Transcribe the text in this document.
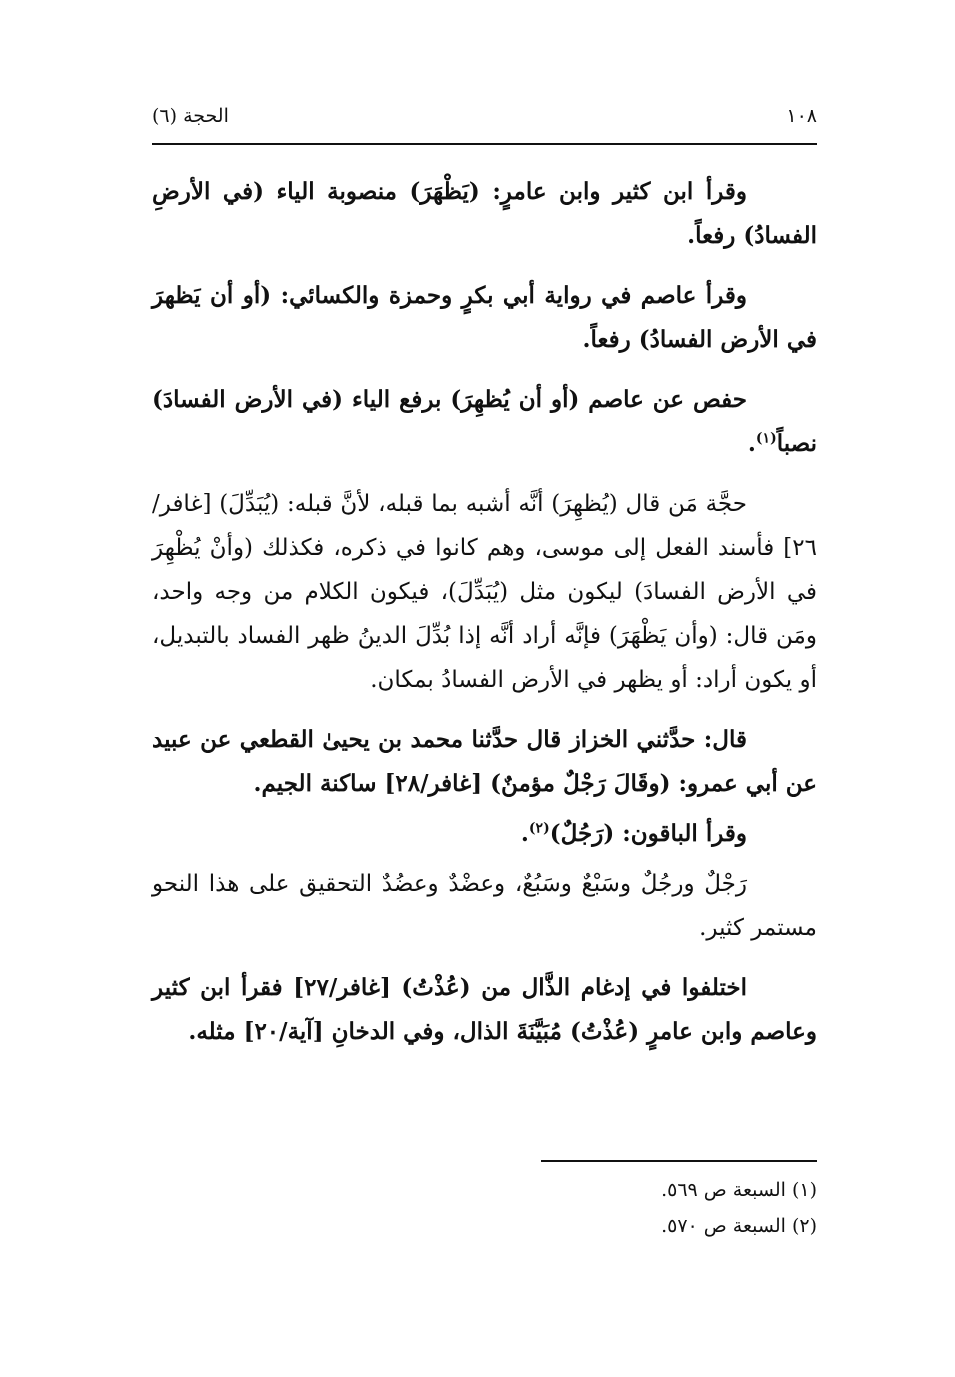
١٠٨
الحجة (٦)

وقرأ ابن كثير وابن عامرٍ: (يَظْهَرَ) منصوبة الياء (في الأرضِ الفسادُ) رفعاً.

وقرأ عاصم في رواية أبي بكرٍ وحمزة والكسائي: (أو أن يَظهرَ في الأرض الفسادُ) رفعاً.

حفص عن عاصم (أو أن يُظهِرَ) برفع الياء (في الأرض الفسادَ) نصباً$^{(١)}$.

حجَّة مَن قال (يُظهِرَ) أنَّه أشبه بما قبله، لأنَّ قبله: (يُبَدِّلَ) [غافر/٢٦] فأسند الفعل إلى موسى، وهم كانوا في ذكره، فكذلك (وأنْ يُظْهِرَ في الأرض الفسادَ) ليكون مثل (يُبَدِّلَ)، فيكون الكلام من وجه واحد، ومَن قال: (وأن يَظْهَرَ) فإنَّه أراد أنَّه إذا بُدِّلَ الدينُ ظهر الفساد بالتبديل، أو يكون أراد: أو يظهر في الأرض الفسادُ بمكان.

قال: حدَّثني الخزاز قال حدَّثنا محمد بن يحيىٰ القطعي عن عبيد عن أبي عمرو: (وقَالَ رَجْلٌ مؤمنٌ) [غافر/٢٨] ساكنة الجيم.

وقرأ الباقون: (رَجُلٌ)$^{(٢)}$.

رَجْلٌ ورجُلٌ وسَبْعٌ وسَبُعٌ، وعضْدٌ وعضُدٌ التحقيق على هذا النحو مستمر كثير.

اختلفوا في إدغام الذَّال من (عُذْتُ) [غافر/٢٧] فقرأ ابن كثير وعاصم وابن عامرٍ (عُذْتُ) مُبَيَّنَةَ الذال، وفي الدخانِ [آية/٢٠] مثله.

(١) السبعة ص ٥٦٩.

(٢) السبعة ص ٥٧٠.
